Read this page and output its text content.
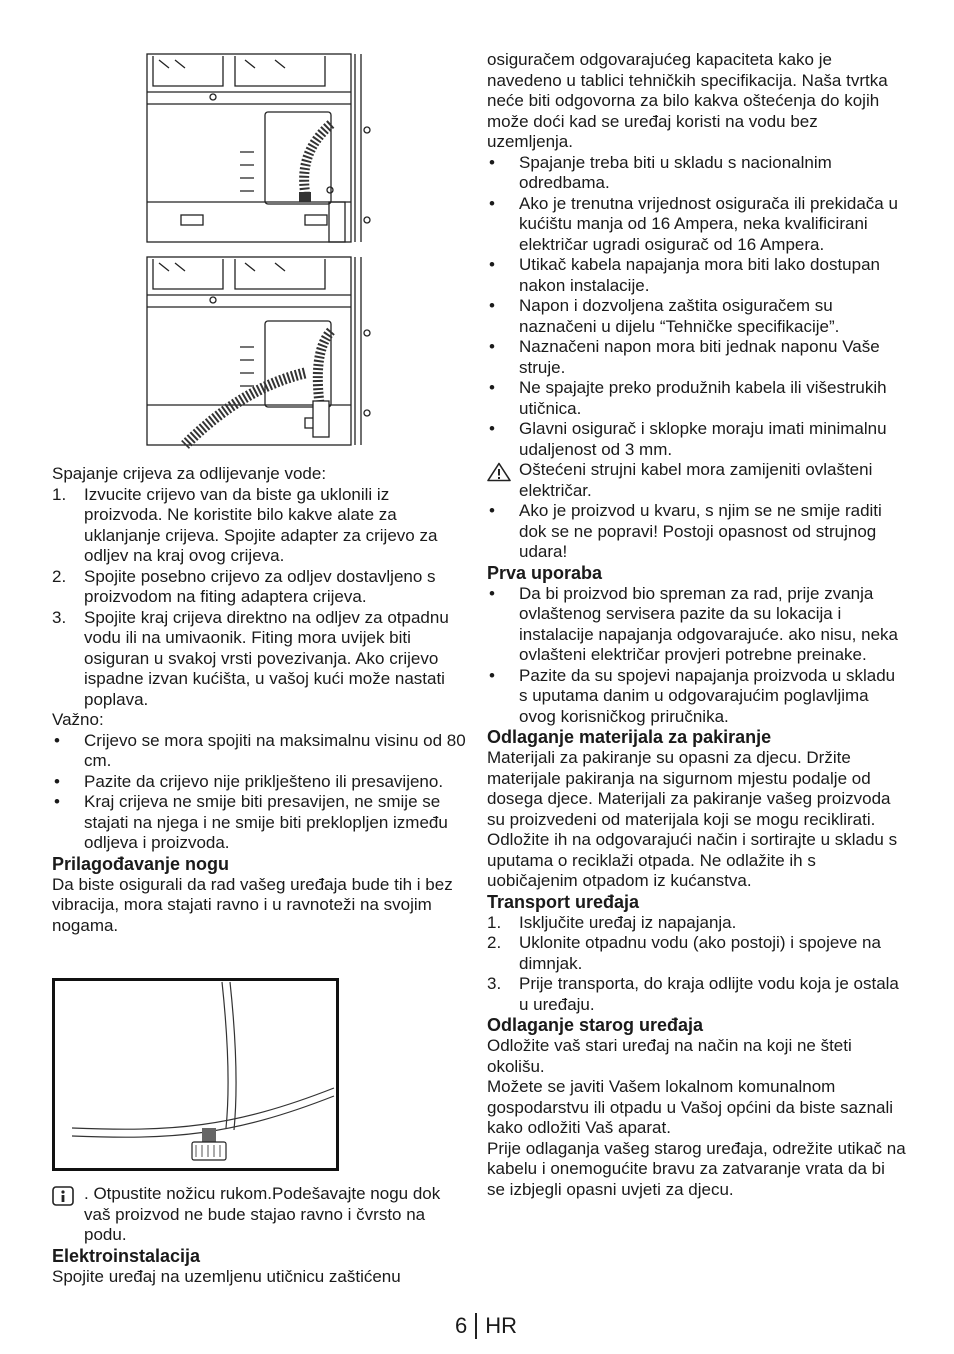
Spajanje crijeva za odlijevanje vode:

1. Izvucite crijevo van da biste ga uklonili iz proizvoda. Ne koristite bilo kakve alate za uklanjanje crijeva. Spojite adapter za crijevo za odljev na kraj ovog crijeva.
2. Spojite posebno crijevo za odljev dostavljeno s proizvodom na fiting adaptera crijeva.
3. Spojite kraj crijeva direktno na odljev za otpadnu vodu ili na umivaonik. Fiting mora uvijek biti osiguran u svakoj vrsti povezivanja. Ako crijevo ispadne izvan kućišta, u vašoj kući može nastati poplava.

Važno:

• Crijevo se mora spojiti na maksimalnu visinu od 80 cm.
• Pazite da crijevo nije priklješteno ili presavijeno.
• Kraj crijeva ne smije biti presavijen, ne smije se stajati na njega i ne smije biti preklopljen između odljeva i proizvoda.

Prilagođavanje nogu

Da biste osigurali da rad vašeg uređaja bude tih i bez vibracija, mora stajati ravno i u ravnoteži na svojim nogama.

. Otpustite nožicu rukom.Podešavajte nogu dok vaš proizvod ne bude stajao ravno i čvrsto na podu.

Elektroinstalacija

Spojite uređaj na uzemljenu utičnicu zaštićenu

osiguračem odgovarajućeg kapaciteta kako je navedeno u tablici tehničkih specifikacija. Naša tvrtka neće biti odgovorna za bilo kakva oštećenja do kojih može doći kad se uređaj koristi na vodu bez uzemljenja.

• Spajanje treba biti u skladu s nacionalnim odredbama.
• Ako je trenutna vrijednost osigurača ili prekidača u kućištu manja od 16 Ampera, neka kvalificirani električar ugradi osigurač od 16 Ampera.
• Utikač kabela napajanja mora biti lako dostupan nakon instalacije.
• Napon i dozvoljena zaštita osiguračem su naznačeni u dijelu “Tehničke specifikacije”.
• Naznačeni napon mora biti jednak naponu Vaše struje.
• Ne spajajte preko produžnih kabela ili višestrukih utičnica.
• Glavni osigurač i sklopke moraju imati minimalnu udaljenost od 3 mm.
Oštećeni strujni kabel mora zamijeniti ovlašteni električar.
• Ako je proizvod u kvaru, s njim se ne smije raditi dok se ne popravi! Postoji opasnost od strujnog udara!

Prva uporaba

• Da bi proizvod bio spreman za rad, prije zvanja ovlaštenog servisera pazite da su lokacija i instalacije napajanja odgovarajuće. ako nisu, neka ovlašteni električar provjeri potrebne preinake.
• Pazite da su spojevi napajanja proizvoda u skladu s uputama danim u odgovarajućim poglavljima ovog korisničkog priručnika.

Odlaganje materijala za pakiranje

Materijali za pakiranje su opasni za djecu. Držite materijale pakiranja na sigurnom mjestu podalje od dosega djece. Materijali za pakiranje vašeg proizvoda su proizvedeni od materijala koji se mogu reciklirati. Odložite ih na odgovarajući način i sortirajte u skladu s uputama o reciklaži otpada. Ne odlažite ih s uobičajenim otpadom iz kućanstva.

Transport uređaja

1. Isključite uređaj iz napajanja.
2. Uklonite otpadnu vodu (ako postoji) i spojeve na dimnjak.
3. Prije transporta, do kraja odlijte vodu koja je ostala u uređaju.

Odlaganje starog uređaja

Odložite vaš stari uređaj na način na koji ne šteti okolišu.

Možete se javiti Vašem lokalnom komunalnom gospodarstvu ili otpadu u Vašoj općini da biste saznali kako odložiti Vaš aparat.

Prije odlaganja vašeg starog uređaja, odrežite utikač na kabelu i onemogućite bravu za zatvaranje vrata da bi se izbjegli opasni uvjeti za djecu.

6 HR
